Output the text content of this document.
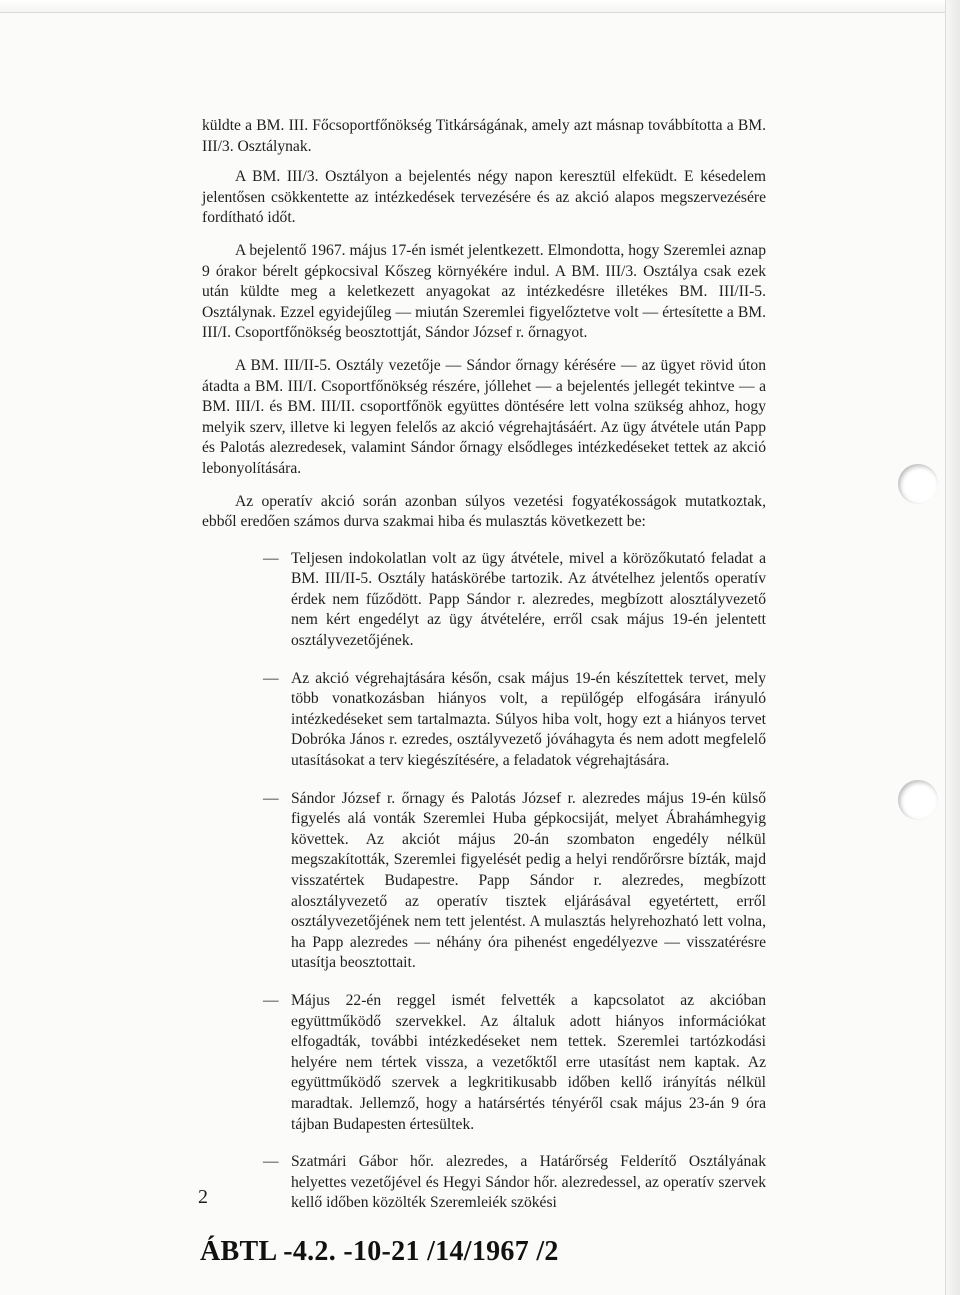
küldte a BM. III. Főcsoportfőnökség Titkárságának, amely azt másnap továbbította a BM. III/3. Osztálynak.

A BM. III/3. Osztályon a bejelentés négy napon keresztül elfeküdt. E késedelem jelentősen csökkentette az intézkedések tervezésére és az akció alapos megszervezésére fordítható időt.

A bejelentő 1967. május 17-én ismét jelentkezett. Elmondotta, hogy Szeremlei aznap 9 órakor bérelt gépkocsival Kőszeg környékére indul. A BM. III/3. Osztálya csak ezek után küldte meg a keletkezett anyagokat az intézkedésre illetékes BM. III/II-5. Osztálynak. Ezzel egyidejűleg — miután Szeremlei figyelőztetve volt — értesítette a BM. III/I. Csoportfőnökség beosztottját, Sándor József r. őrnagyot.

A BM. III/II-5. Osztály vezetője — Sándor őrnagy kérésére — az ügyet rövid úton átadta a BM. III/I. Csoportfőnökség részére, jóllehet — a bejelentés jellegét tekintve — a BM. III/I. és BM. III/II. csoportfőnök együttes döntésére lett volna szükség ahhoz, hogy melyik szerv, illetve ki legyen felelős az akció végrehajtásáért. Az ügy átvétele után Papp és Palotás alezredesek, valamint Sándor őrnagy elsődleges intézkedéseket tettek az akció lebonyolítására.

Az operatív akció során azonban súlyos vezetési fogyatékosságok mutatkoztak, ebből eredően számos durva szakmai hiba és mulasztás következett be:

— Teljesen indokolatlan volt az ügy átvétele, mivel a körözőkutató feladat a BM. III/II-5. Osztály hatáskörébe tartozik. Az átvételhez jelentős operatív érdek nem fűződött. Papp Sándor r. alezredes, megbízott alosztályvezető nem kért engedélyt az ügy átvételére, erről csak május 19-én jelentett osztályvezetőjének.
— Az akció végrehajtására későn, csak május 19-én készítettek tervet, mely több vonatkozásban hiányos volt, a repülőgép elfogására irányuló intézkedéseket sem tartalmazta. Súlyos hiba volt, hogy ezt a hiányos tervet Dobróka János r. ezredes, osztályvezető jóváhagyta és nem adott megfelelő utasításokat a terv kiegészítésére, a feladatok végrehajtására.
— Sándor József r. őrnagy és Palotás József r. alezredes május 19-én külső figyelés alá vonták Szeremlei Huba gépkocsiját, melyet Ábrahámhegyig követtek. Az akciót május 20-án szombaton engedély nélkül megszakították, Szeremlei figyelését pedig a helyi rendőrőrsre bízták, majd visszatértek Budapestre. Papp Sándor r. alezredes, megbízott alosztályvezető az operatív tisztek eljárásával egyetértett, erről osztályvezetőjének nem tett jelentést. A mulasztás helyrehozható lett volna, ha Papp alezredes — néhány óra pihenést engedélyezve — visszatérésre utasítja beosztottait.
— Május 22-én reggel ismét felvették a kapcsolatot az akcióban együttműködő szervekkel. Az általuk adott hiányos információkat elfogadták, további intézkedéseket nem tettek. Szeremlei tartózkodási helyére nem tértek vissza, a vezetőktől erre utasítást nem kaptak. Az együttműködő szervek a legkritikusabb időben kellő irányítás nélkül maradtak. Jellemző, hogy a határsértés tényéről csak május 23-án 9 óra tájban Budapesten értesültek.
— Szatmári Gábor hőr. alezredes, a Határőrség Felderítő Osztályának helyettes vezetőjével és Hegyi Sándor hőr. alezredessel, az operatív szervek kellő időben közölték Szeremleiék szökési
2
ÁBTL -4.2. -10-21 /14/1967 /2
